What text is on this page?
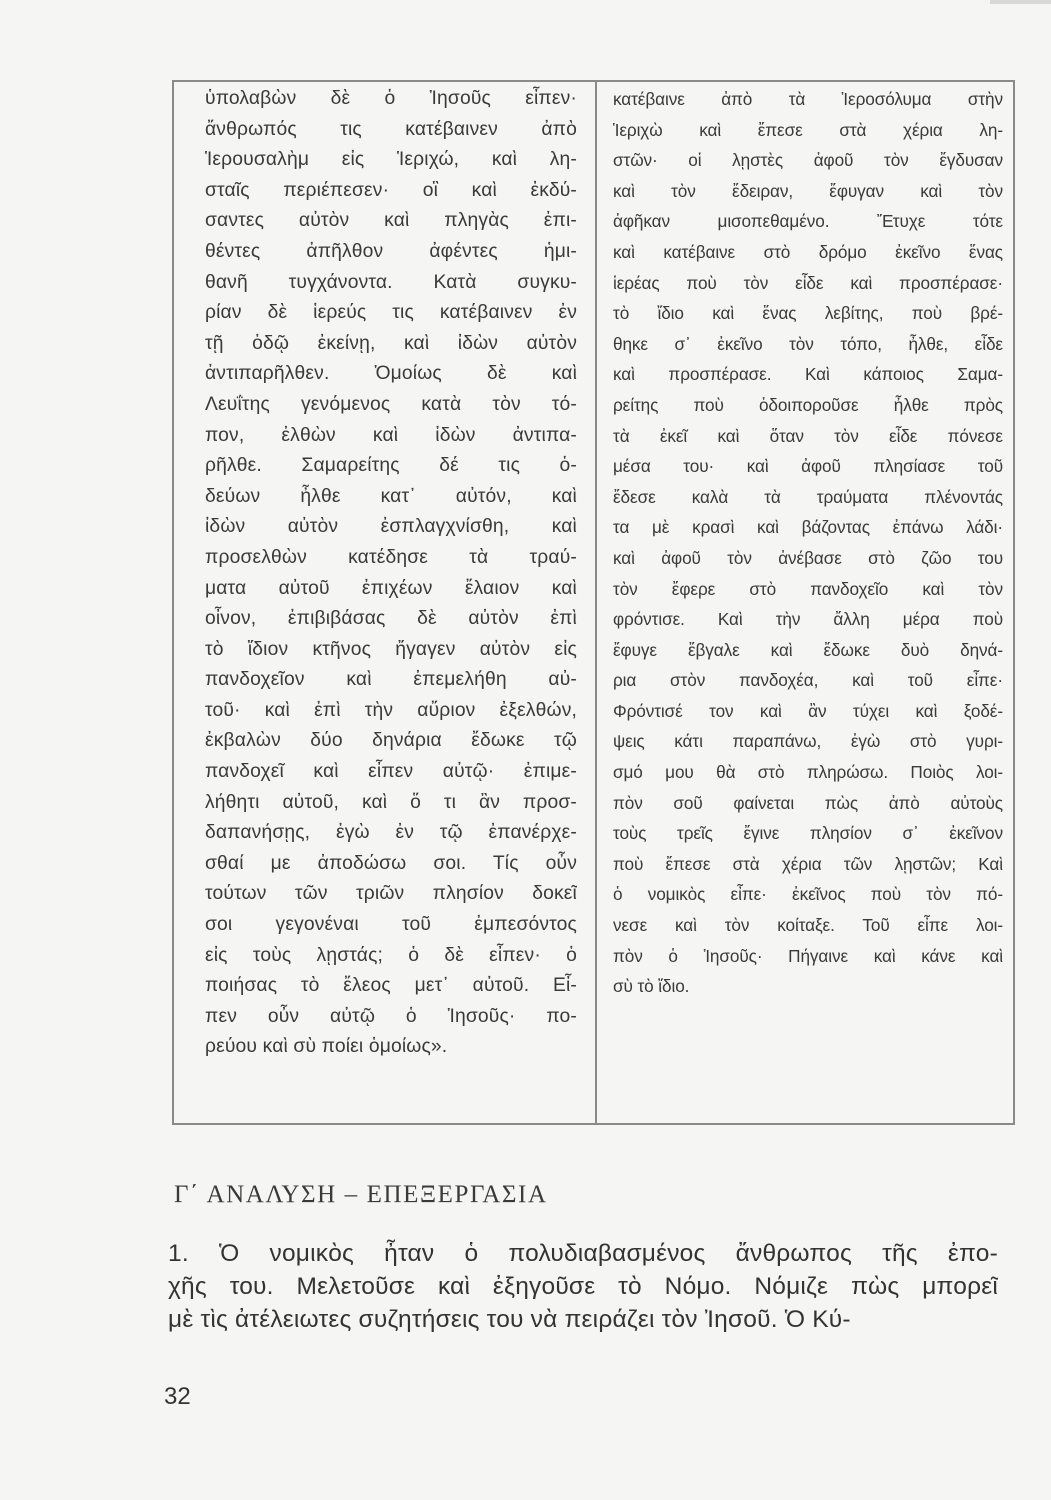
ὑπολαβὼν δὲ ὁ Ἰησοῦς εἶπεν·
ἄνθρωπός τις κατέβαινεν ἀπὸ
Ἱερουσαλὴμ εἰς Ἱεριχώ, καὶ λη-
σταῖς περιέπεσεν· οἳ καὶ ἐκδύ-
σαντες αὐτὸν καὶ πληγὰς ἐπι-
θέντες ἀπῆλθον ἀφέντες ἡμι-
θανῆ τυγχάνοντα. Κατὰ συγκυ-
ρίαν δὲ ἱερεύς τις κατέβαινεν ἐν
τῇ ὁδῷ ἐκείνῃ, καὶ ἰδὼν αὐτὸν
ἀντιπαρῆλθεν. Ὁμοίως δὲ καὶ
Λευΐτης γενόμενος κατὰ τὸν τό-
πον, ἐλθὼν καὶ ἰδὼν ἀντιπα-
ρῆλθε. Σαμαρείτης δέ τις ὁ-
δεύων ἦλθε κατ᾿ αὐτόν, καὶ
ἰδὼν αὐτὸν ἐσπλαγχνίσθη, καὶ
προσελθὼν κατέδησε τὰ τραύ-
ματα αὐτοῦ ἐπιχέων ἔλαιον καὶ
οἶνον, ἐπιβιβάσας δὲ αὐτὸν ἐπὶ
τὸ ἴδιον κτῆνος ἤγαγεν αὐτὸν εἰς
πανδοχεῖον καὶ ἐπεμελήθη αὐ-
τοῦ· καὶ ἐπὶ τὴν αὔριον ἐξελθών,
ἐκβαλὼν δύο δηνάρια ἔδωκε τῷ
πανδοχεῖ καὶ εἶπεν αὐτῷ· ἐπιμε-
λήθητι αὐτοῦ, καὶ ὅ τι ἂν προσ-
δαπανήσῃς, ἐγὼ ἐν τῷ ἐπανέρχε-
σθαί με ἀποδώσω σοι. Τίς οὖν
τούτων τῶν τριῶν πλησίον δοκεῖ
σοι γεγονέναι τοῦ ἐμπεσόντος
εἰς τοὺς λῃστάς; ὁ δὲ εἶπεν· ὁ
ποιήσας τὸ ἔλεος μετ᾿ αὐτοῦ. Εἶ-
πεν οὖν αὐτῷ ὁ Ἰησοῦς· πο-
ρεύου καὶ σὺ ποίει ὁμοίως».
κατέβαινε ἀπὸ τὰ Ἱεροσόλυμα στὴν
Ἱεριχὼ καὶ ἔπεσε στὰ χέρια λη-
στῶν· οἱ λῃστὲς ἀφοῦ τὸν ἔγδυσαν
καὶ τὸν ἔδειραν, ἔφυγαν καὶ τὸν
ἀφῆκαν μισοπεθαμένο. Ἔτυχε τότε
καὶ κατέβαινε στὸ δρόμο ἐκεῖνο ἕνας
ἱερέας ποὺ τὸν εἶδε καὶ προσπέρασε·
τὸ ἴδιο καὶ ἕνας λεβίτης, ποὺ βρέ-
θηκε σ᾿ ἐκεῖνο τὸν τόπο, ἦλθε, εἶδε
καὶ προσπέρασε. Καὶ κάποιος Σαμα-
ρείτης ποὺ ὁδοιποροῦσε ἦλθε πρὸς
τὰ ἐκεῖ καὶ ὅταν τὸν εἶδε πόνεσε
μέσα του· καὶ ἀφοῦ πλησίασε τοῦ
ἔδεσε καλὰ τὰ τραύματα πλένοντάς
τα μὲ κρασὶ καὶ βάζοντας ἐπάνω λάδι·
καὶ ἀφοῦ τὸν ἀνέβασε στὸ ζῶο του
τὸν ἔφερε στὸ πανδοχεῖο καὶ τὸν
φρόντισε. Καὶ τὴν ἄλλη μέρα ποὺ
ἔφυγε ἔβγαλε καὶ ἔδωκε δυὸ δηνά-
ρια στὸν πανδοχέα, καὶ τοῦ εἶπε·
Φρόντισέ τον καὶ ἂν τύχει καὶ ξοδέ-
ψεις κάτι παραπάνω, ἐγὼ στὸ γυρι-
σμό μου θὰ στὸ πληρώσω. Ποιὸς λοι-
πὸν σοῦ φαίνεται πὼς ἀπὸ αὐτοὺς
τοὺς τρεῖς ἔγινε πλησίον σ᾿ ἐκεῖνον
ποὺ ἔπεσε στὰ χέρια τῶν λῃστῶν; Καὶ
ὁ νομικὸς εἶπε· ἐκεῖνος ποὺ τὸν πό-
νεσε καὶ τὸν κοίταξε. Τοῦ εἶπε λοι-
πὸν ὁ Ἰησοῦς· Πήγαινε καὶ κάνε καὶ
σὺ τὸ ἴδιο.
Γ΄ ΑΝΑΛΥΣΗ – ΕΠΕΞΕΡΓΑΣΙΑ
1. Ὁ νομικὸς ἦταν ὁ πολυδιαβασμένος ἄνθρωπος τῆς ἐπο-
χῆς του. Μελετοῦσε καὶ ἐξηγοῦσε τὸ Νόμο. Νόμιζε πὼς μπορεῖ
μὲ τὶς ἀτέλειωτες συζητήσεις του νὰ πειράζει τὸν Ἰησοῦ. Ὁ Κύ-
32
